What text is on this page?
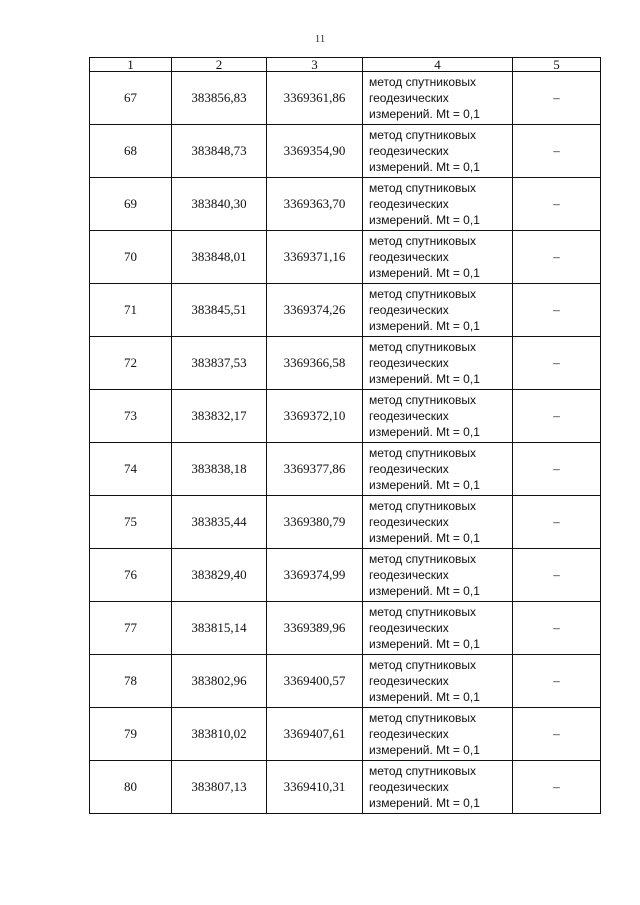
11
1	2	3	4	5
67	383856,83	3369361,86	метод спутниковых
геодезических
измерений. Mt = 0,1	–
68	383848,73	3369354,90	метод спутниковых
геодезических
измерений. Mt = 0,1	–
69	383840,30	3369363,70	метод спутниковых
геодезических
измерений. Mt = 0,1	–
70	383848,01	3369371,16	метод спутниковых
геодезических
измерений. Mt = 0,1	–
71	383845,51	3369374,26	метод спутниковых
геодезических
измерений. Mt = 0,1	–
72	383837,53	3369366,58	метод спутниковых
геодезических
измерений. Mt = 0,1	–
73	383832,17	3369372,10	метод спутниковых
геодезических
измерений. Mt = 0,1	–
74	383838,18	3369377,86	метод спутниковых
геодезических
измерений. Mt = 0,1	–
75	383835,44	3369380,79	метод спутниковых
геодезических
измерений. Mt = 0,1	–
76	383829,40	3369374,99	метод спутниковых
геодезических
измерений. Mt = 0,1	–
77	383815,14	3369389,96	метод спутниковых
геодезических
измерений. Mt = 0,1	–
78	383802,96	3369400,57	метод спутниковых
геодезических
измерений. Mt = 0,1	–
79	383810,02	3369407,61	метод спутниковых
геодезических
измерений. Mt = 0,1	–
80	383807,13	3369410,31	метод спутниковых
геодезических
измерений. Mt = 0,1	–
